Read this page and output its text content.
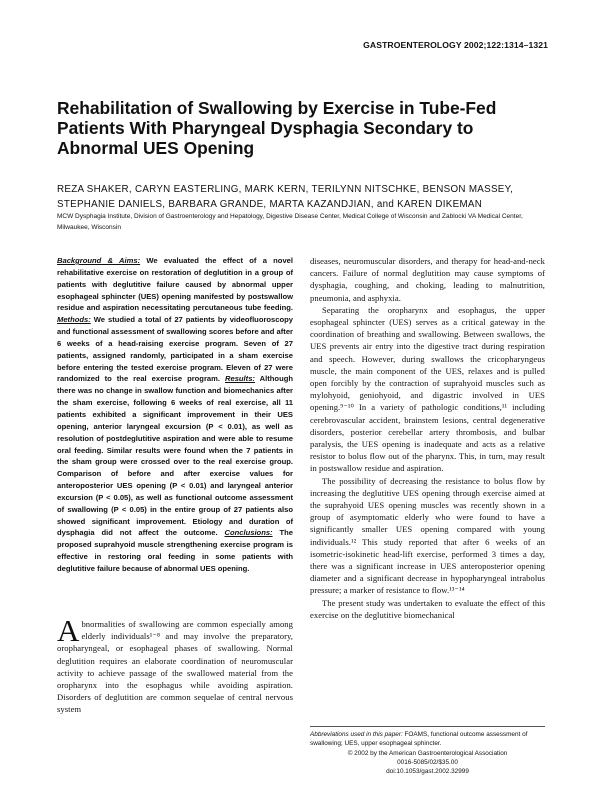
GASTROENTEROLOGY 2002;122:1314–1321
Rehabilitation of Swallowing by Exercise in Tube-Fed Patients With Pharyngeal Dysphagia Secondary to Abnormal UES Opening
REZA SHAKER, CARYN EASTERLING, MARK KERN, TERILYNN NITSCHKE, BENSON MASSEY,
STEPHANIE DANIELS, BARBARA GRANDE, MARTA KAZANDJIAN, and KAREN DIKEMAN
MCW Dysphagia Institute, Division of Gastroenterology and Hepatology, Digestive Disease Center, Medical College of Wisconsin and Zablocki VA Medical Center, Milwaukee, Wisconsin
Background & Aims: We evaluated the effect of a novel rehabilitative exercise on restoration of deglutition in a group of patients with deglutitive failure caused by abnormal upper esophageal sphincter (UES) opening manifested by postswallow residue and aspiration necessitating percutaneous tube feeding. Methods: We studied a total of 27 patients by videofluoroscopy and functional assessment of swallowing scores before and after 6 weeks of a head-raising exercise program. Seven of 27 patients, assigned randomly, participated in a sham exercise before entering the tested exercise program. Eleven of 27 were randomized to the real exercise program. Results: Although there was no change in swallow function and biomechanics after the sham exercise, following 6 weeks of real exercise, all 11 patients exhibited a significant improvement in their UES opening, anterior laryngeal excursion (P < 0.01), as well as resolution of postdeglutitive aspiration and were able to resume oral feeding. Similar results were found when the 7 patients in the sham group were crossed over to the real exercise group. Comparison of before and after exercise values for anteroposterior UES opening (P < 0.01) and laryngeal anterior excursion (P < 0.05), as well as functional outcome assessment of swallowing (P < 0.05) in the entire group of 27 patients also showed significant improvement. Etiology and duration of dysphagia did not affect the outcome. Conclusions: The proposed suprahyoid muscle strengthening exercise program is effective in restoring oral feeding in some patients with deglutitive failure because of abnormal UES opening.
Abnormalities of swallowing are common especially among elderly individuals¹⁻⁸ and may involve the preparatory, oropharyngeal, or esophageal phases of swallowing. Normal deglutition requires an elaborate coordination of neuromuscular activity to achieve passage of the swallowed material from the oropharynx into the esophagus while avoiding aspiration. Disorders of deglutition are common sequelae of central nervous system

diseases, neuromuscular disorders, and therapy for head-and-neck cancers. Failure of normal deglutition may cause symptoms of dysphagia, coughing, and choking, leading to malnutrition, pneumonia, and asphyxia.

Separating the oropharynx and esophagus, the upper esophageal sphincter (UES) serves as a critical gateway in the coordination of breathing and swallowing. Between swallows, the UES prevents air entry into the digestive tract during respiration and speech. However, during swallows the cricopharyngeus muscle, the main component of the UES, relaxes and is pulled open forcibly by the contraction of suprahyoid muscles such as mylohyoid, geniohyoid, and digastric involved in UES opening.⁹⁻¹⁰ In a variety of pathologic conditions,¹¹ including cerebrovascular accident, brainstem lesions, central degenerative disorders, posterior cerebellar artery thrombosis, and bulbar paralysis, the UES opening is inadequate and acts as a relative resistor to bolus flow out of the pharynx. This, in turn, may result in postswallow residue and aspiration.

The possibility of decreasing the resistance to bolus flow by increasing the deglutitive UES opening through exercise aimed at the suprahyoid UES opening muscles was recently shown in a group of asymptomatic elderly who were found to have a significantly smaller UES opening compared with young individuals.¹² This study reported that after 6 weeks of an isometric-isokinetic head-lift exercise, performed 3 times a day, there was a significant increase in UES anteroposterior opening diameter and a significant decrease in hypopharyngeal intrabolus pressure; a marker of resistance to flow.¹³⁻¹⁴

The present study was undertaken to evaluate the effect of this exercise on the deglutitive biomechanical

Abbreviations used in this paper: FOAMS, functional outcome assessment of swallowing; UES, upper esophageal sphincter.
© 2002 by the American Gastroenterological Association
0016-5085/02/$35.00
doi:10.1053/gast.2002.32999
